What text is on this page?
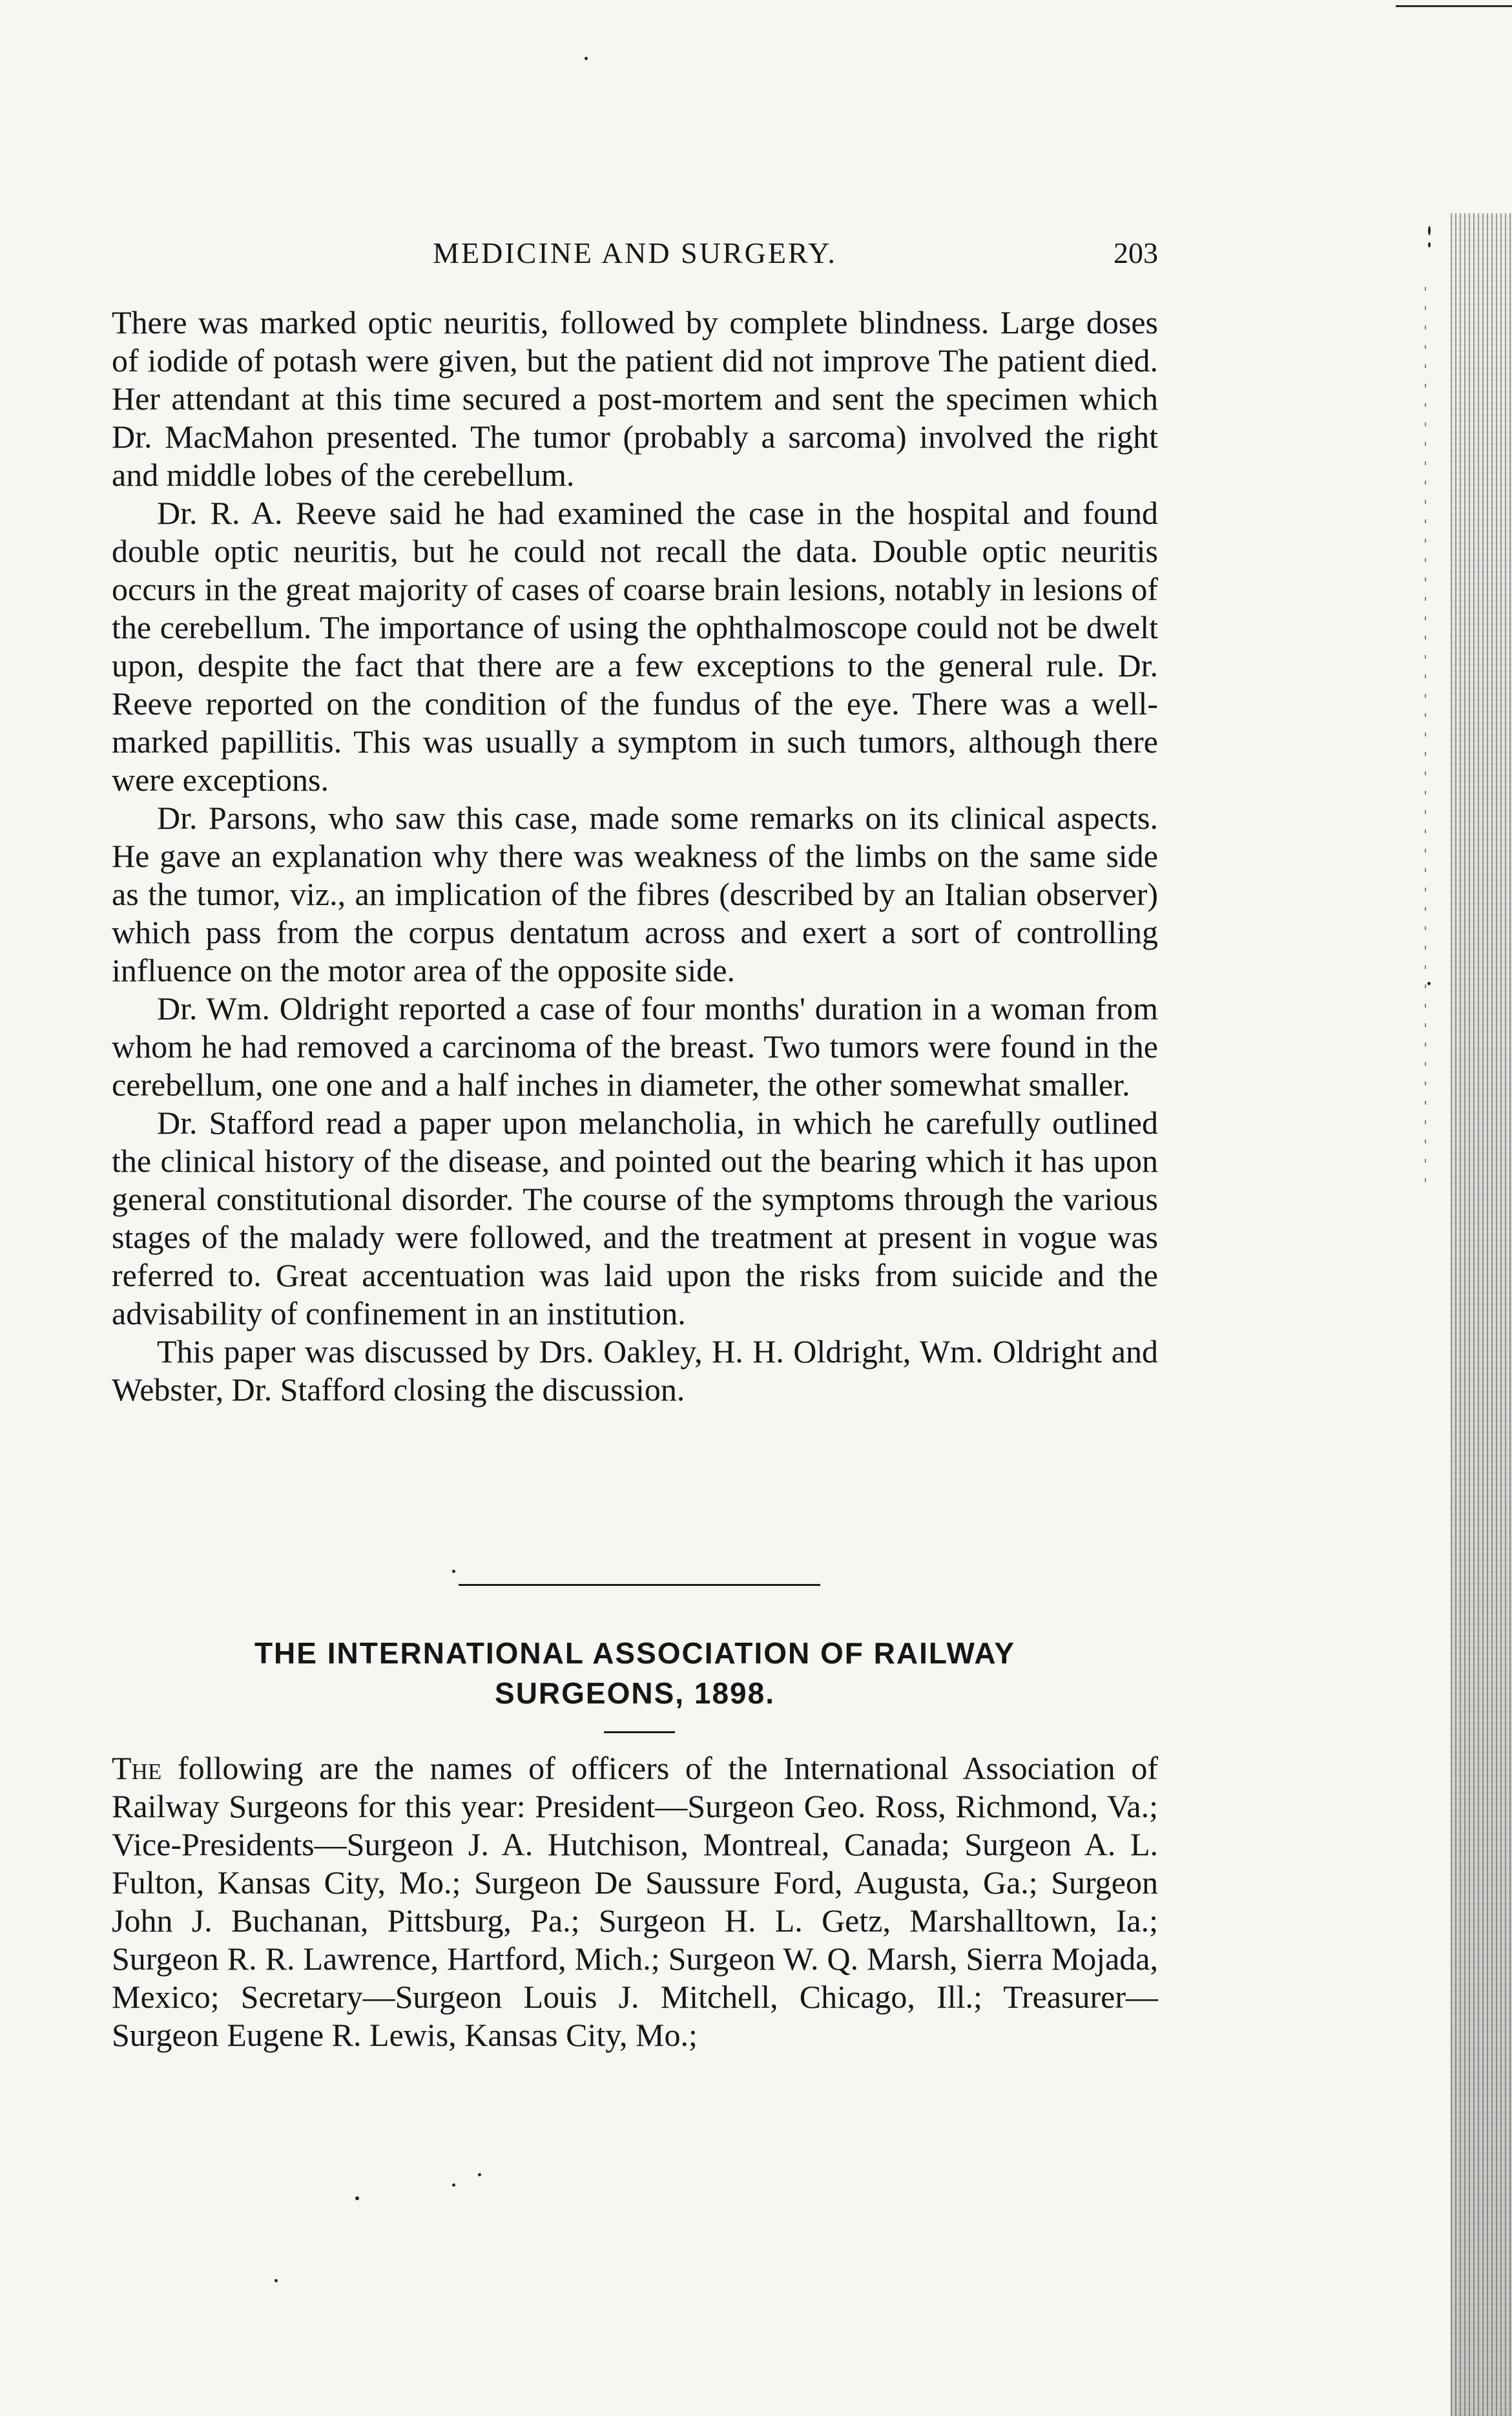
MEDICINE AND SURGERY.	203

There was marked optic neuritis, followed by complete blindness. Large doses of iodide of potash were given, but the patient did not improve The patient died. Her attendant at this time secured a post-mortem and sent the specimen which Dr. MacMahon presented. The tumor (probably a sarcoma) involved the right and middle lobes of the cerebellum.

Dr. R. A. Reeve said he had examined the case in the hospital and found double optic neuritis, but he could not recall the data. Double optic neuritis occurs in the great majority of cases of coarse brain lesions, notably in lesions of the cerebellum. The importance of using the ophthalmoscope could not be dwelt upon, despite the fact that there are a few exceptions to the general rule. Dr. Reeve reported on the condition of the fundus of the eye. There was a well-marked papillitis. This was usually a symptom in such tumors, although there were exceptions.

Dr. Parsons, who saw this case, made some remarks on its clinical aspects. He gave an explanation why there was weakness of the limbs on the same side as the tumor, viz., an implication of the fibres (described by an Italian observer) which pass from the corpus dentatum across and exert a sort of controlling influence on the motor area of the opposite side.

Dr. Wm. Oldright reported a case of four months' duration in a woman from whom he had removed a carcinoma of the breast. Two tumors were found in the cerebellum, one one and a half inches in diameter, the other somewhat smaller.

Dr. Stafford read a paper upon melancholia, in which he carefully outlined the clinical history of the disease, and pointed out the bearing which it has upon general constitutional disorder. The course of the symptoms through the various stages of the malady were followed, and the treatment at present in vogue was referred to. Great accentuation was laid upon the risks from suicide and the advisability of confinement in an institution.

This paper was discussed by Drs. Oakley, H. H. Oldright, Wm. Oldright and Webster, Dr. Stafford closing the discussion.

THE INTERNATIONAL ASSOCIATION OF RAILWAY
SURGEONS, 1898.

The following are the names of officers of the International Association of Railway Surgeons for this year: President—Surgeon Geo. Ross, Richmond, Va.; Vice-Presidents—Surgeon J. A. Hutchison, Montreal, Canada; Surgeon A. L. Fulton, Kansas City, Mo.; Surgeon De Saussure Ford, Augusta, Ga.; Surgeon John J. Buchanan, Pittsburg, Pa.; Surgeon H. L. Getz, Marshalltown, Ia.; Surgeon R. R. Lawrence, Hartford, Mich.; Surgeon W. Q. Marsh, Sierra Mojada, Mexico; Secretary—Surgeon Louis J. Mitchell, Chicago, Ill.; Treasurer—Surgeon Eugene R. Lewis, Kansas City, Mo.;
